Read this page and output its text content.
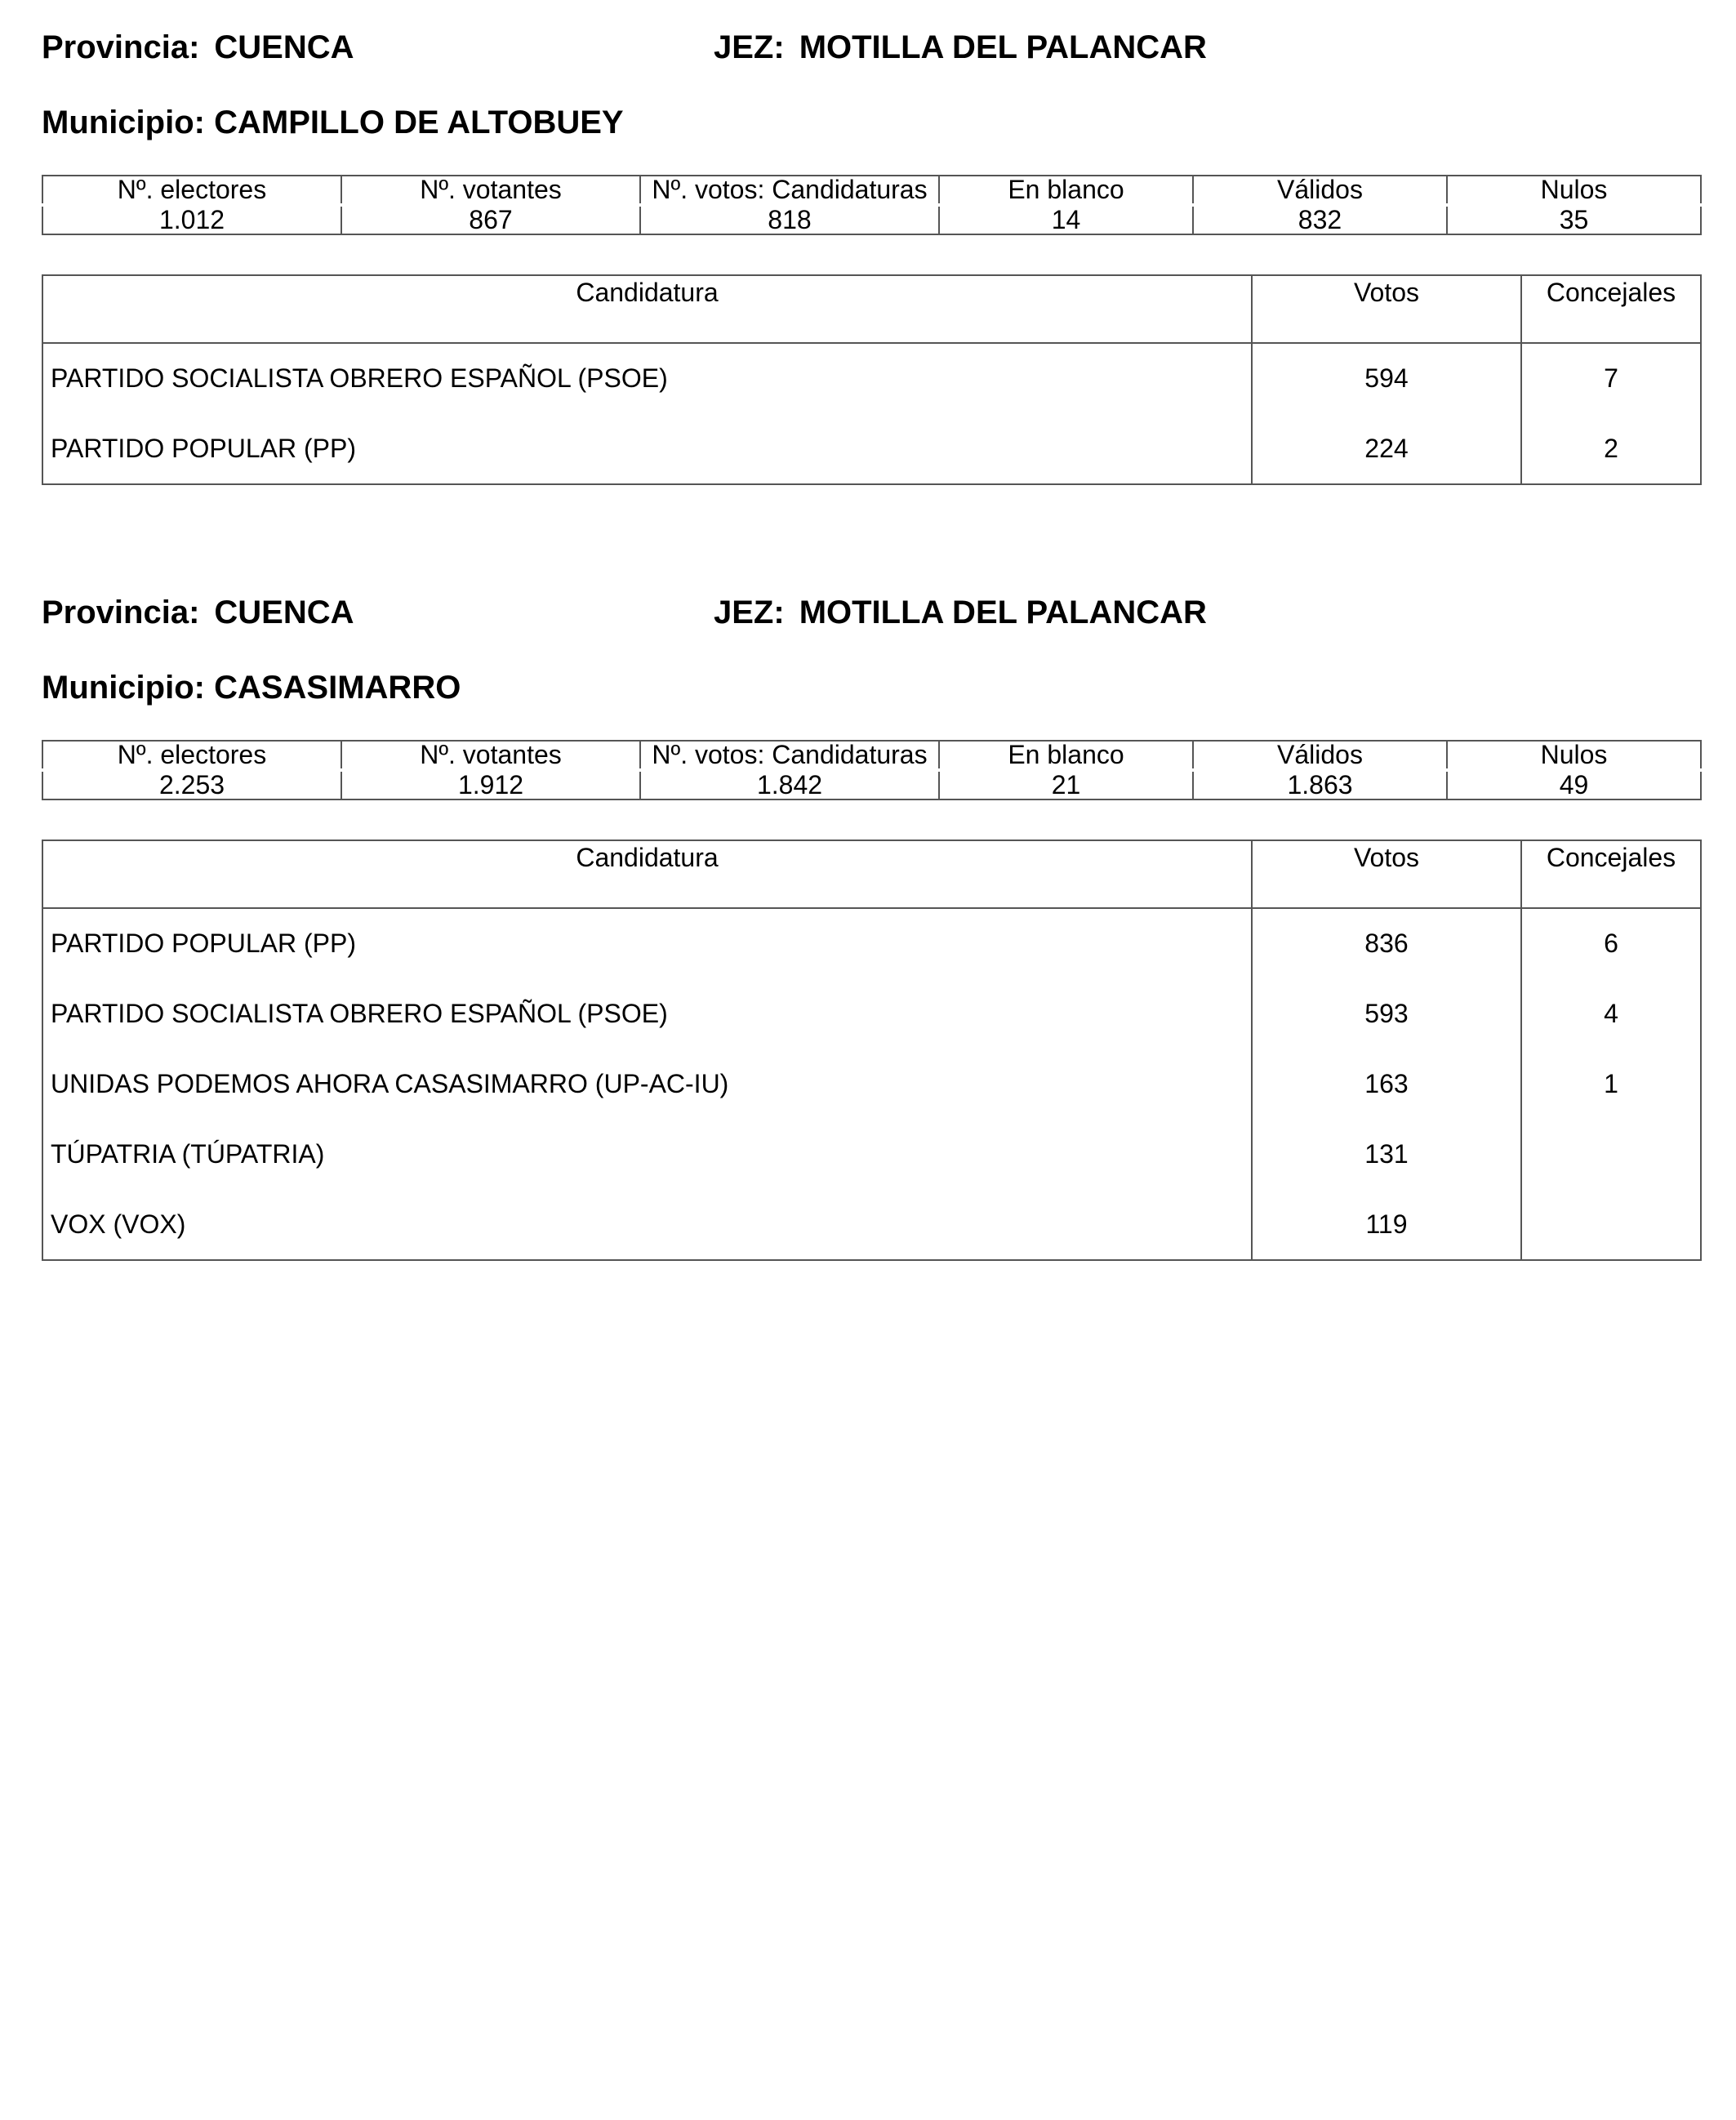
Provincia: CUENCA	JEZ: MOTILLA DEL PALANCAR
Municipio: CAMPILLO DE ALTOBUEY
Nº. electores	Nº. votantes	Nº. votos: Candidaturas	En blanco	Válidos	Nulos
1.012	867	818	14	832	35
Candidatura	Votos	Concejales
PARTIDO SOCIALISTA OBRERO ESPAÑOL (PSOE)	594	7
PARTIDO POPULAR (PP)	224	2
Provincia: CUENCA	JEZ: MOTILLA DEL PALANCAR
Municipio: CASASIMARRO
Nº. electores	Nº. votantes	Nº. votos: Candidaturas	En blanco	Válidos	Nulos
2.253	1.912	1.842	21	1.863	49
Candidatura	Votos	Concejales
PARTIDO POPULAR (PP)	836	6
PARTIDO SOCIALISTA OBRERO ESPAÑOL (PSOE)	593	4
UNIDAS PODEMOS AHORA CASASIMARRO (UP-AC-IU)	163	1
TÚPATRIA (TÚPATRIA)	131	
VOX (VOX)	119	
